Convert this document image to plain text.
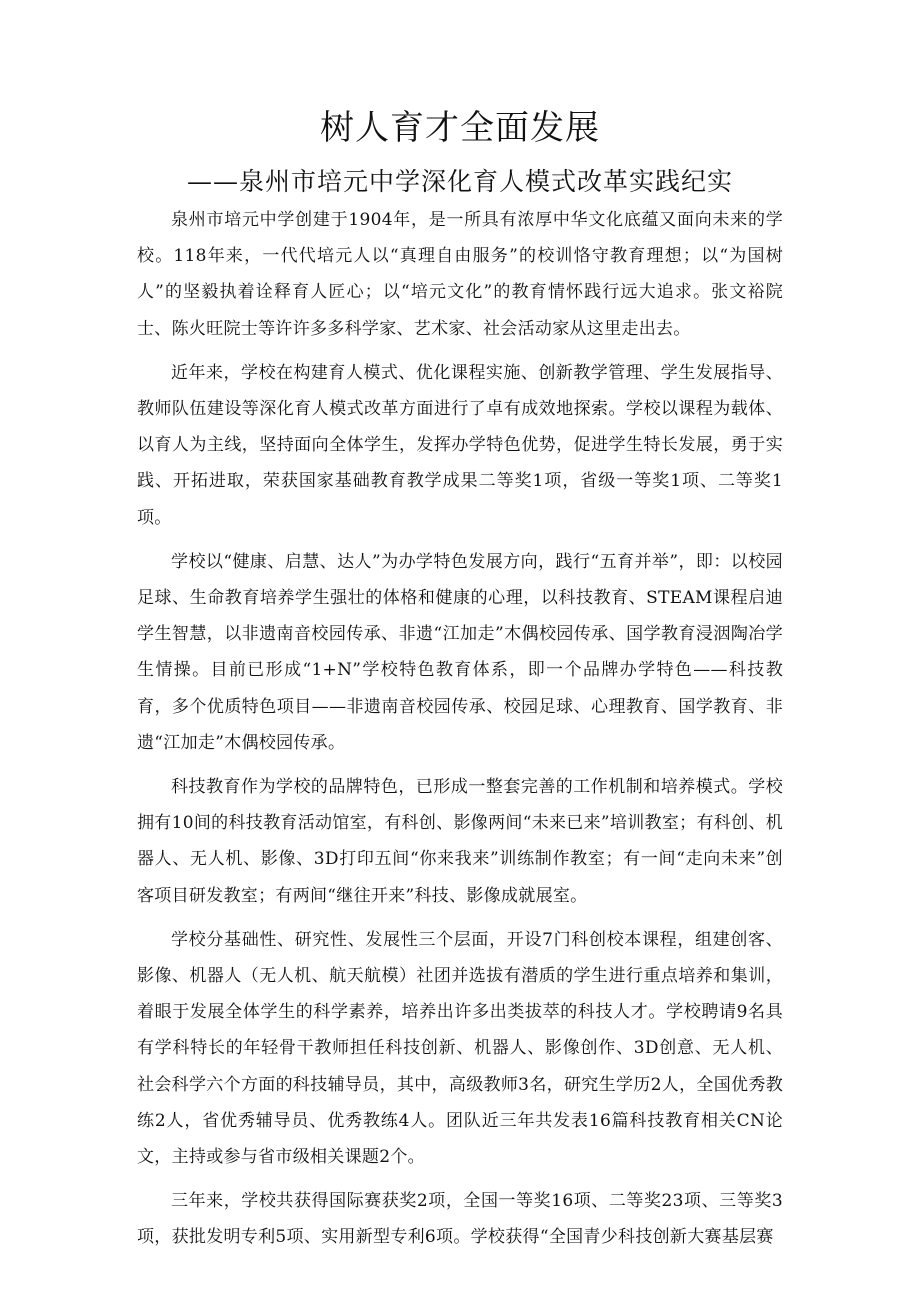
树人育才全面发展
——泉州市培元中学深化育人模式改革实践纪实

泉州市培元中学创建于1904年，是一所具有浓厚中华文化底蕴又面向未来的学校。118年来，一代代培元人以“真理自由服务”的校训恪守教育理想；以“为国树人”的坚毅执着诠释育人匠心；以“培元文化”的教育情怀践行远大追求。张文裕院士、陈火旺院士等许许多多科学家、艺术家、社会活动家从这里走出去。

近年来，学校在构建育人模式、优化课程实施、创新教学管理、学生发展指导、教师队伍建设等深化育人模式改革方面进行了卓有成效地探索。学校以课程为载体、以育人为主线，坚持面向全体学生，发挥办学特色优势，促进学生特长发展，勇于实践、开拓进取，荣获国家基础教育教学成果二等奖1项，省级一等奖1项、二等奖1项。

学校以“健康、启慧、达人”为办学特色发展方向，践行“五育并举”，即：以校园足球、生命教育培养学生强壮的体格和健康的心理，以科技教育、STEAM课程启迪学生智慧，以非遗南音校园传承、非遗“江加走”木偶校园传承、国学教育浸洇陶冶学生情操。目前已形成“1+N”学校特色教育体系，即一个品牌办学特色——科技教育，多个优质特色项目——非遗南音校园传承、校园足球、心理教育、国学教育、非遗“江加走”木偶校园传承。

科技教育作为学校的品牌特色，已形成一整套完善的工作机制和培养模式。学校拥有10间的科技教育活动馆室，有科创、影像两间“未来已来”培训教室；有科创、机器人、无人机、影像、3D打印五间“你来我来”训练制作教室；有一间“走向未来”创客项目研发教室；有两间“继往开来”科技、影像成就展室。

学校分基础性、研究性、发展性三个层面，开设7门科创校本课程，组建创客、影像、机器人（无人机、航天航模）社团并选拔有潜质的学生进行重点培养和集训，着眼于发展全体学生的科学素养，培养出许多出类拔萃的科技人才。学校聘请9名具有学科特长的年轻骨干教师担任科技创新、机器人、影像创作、3D创意、无人机、社会科学六个方面的科技辅导员，其中，高级教师3名，研究生学历2人，全国优秀教练2人，省优秀辅导员、优秀教练4人。团队近三年共发表16篇科技教育相关CN论文，主持或参与省市级相关课题2个。

三年来，学校共获得国际赛获奖2项，全国一等奖16项、二等奖23项、三等奖3项，获批发明专利5项、实用新型专利6项。学校获得“全国青少科技创新大赛基层赛
